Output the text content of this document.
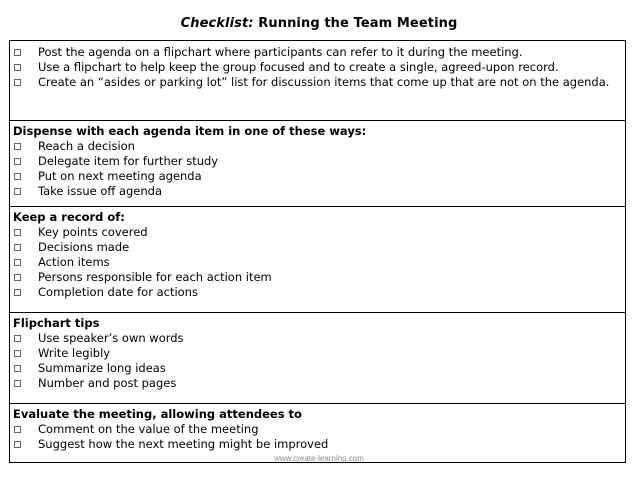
Checklist: Running the Team Meeting
Post the agenda on a flipchart where participants can refer to it during the meeting.
Use a flipchart to help keep the group focused and to create a single, agreed-upon record.
Create an “asides or parking lot” list for discussion items that come up that are not on the agenda.
Dispense with each agenda item in one of these ways:
Reach a decision
Delegate item for further study
Put on next meeting agenda
Take issue off agenda
Keep a record of:
Key points covered
Decisions made
Action items
Persons responsible for each action item
Completion date for actions
Flipchart tips
Use speaker’s own words
Write legibly
Summarize long ideas
Number and post pages
Evaluate the meeting, allowing attendees to
Comment on the value of the meeting
Suggest how the next meeting might be improved
www.create-learning.com
